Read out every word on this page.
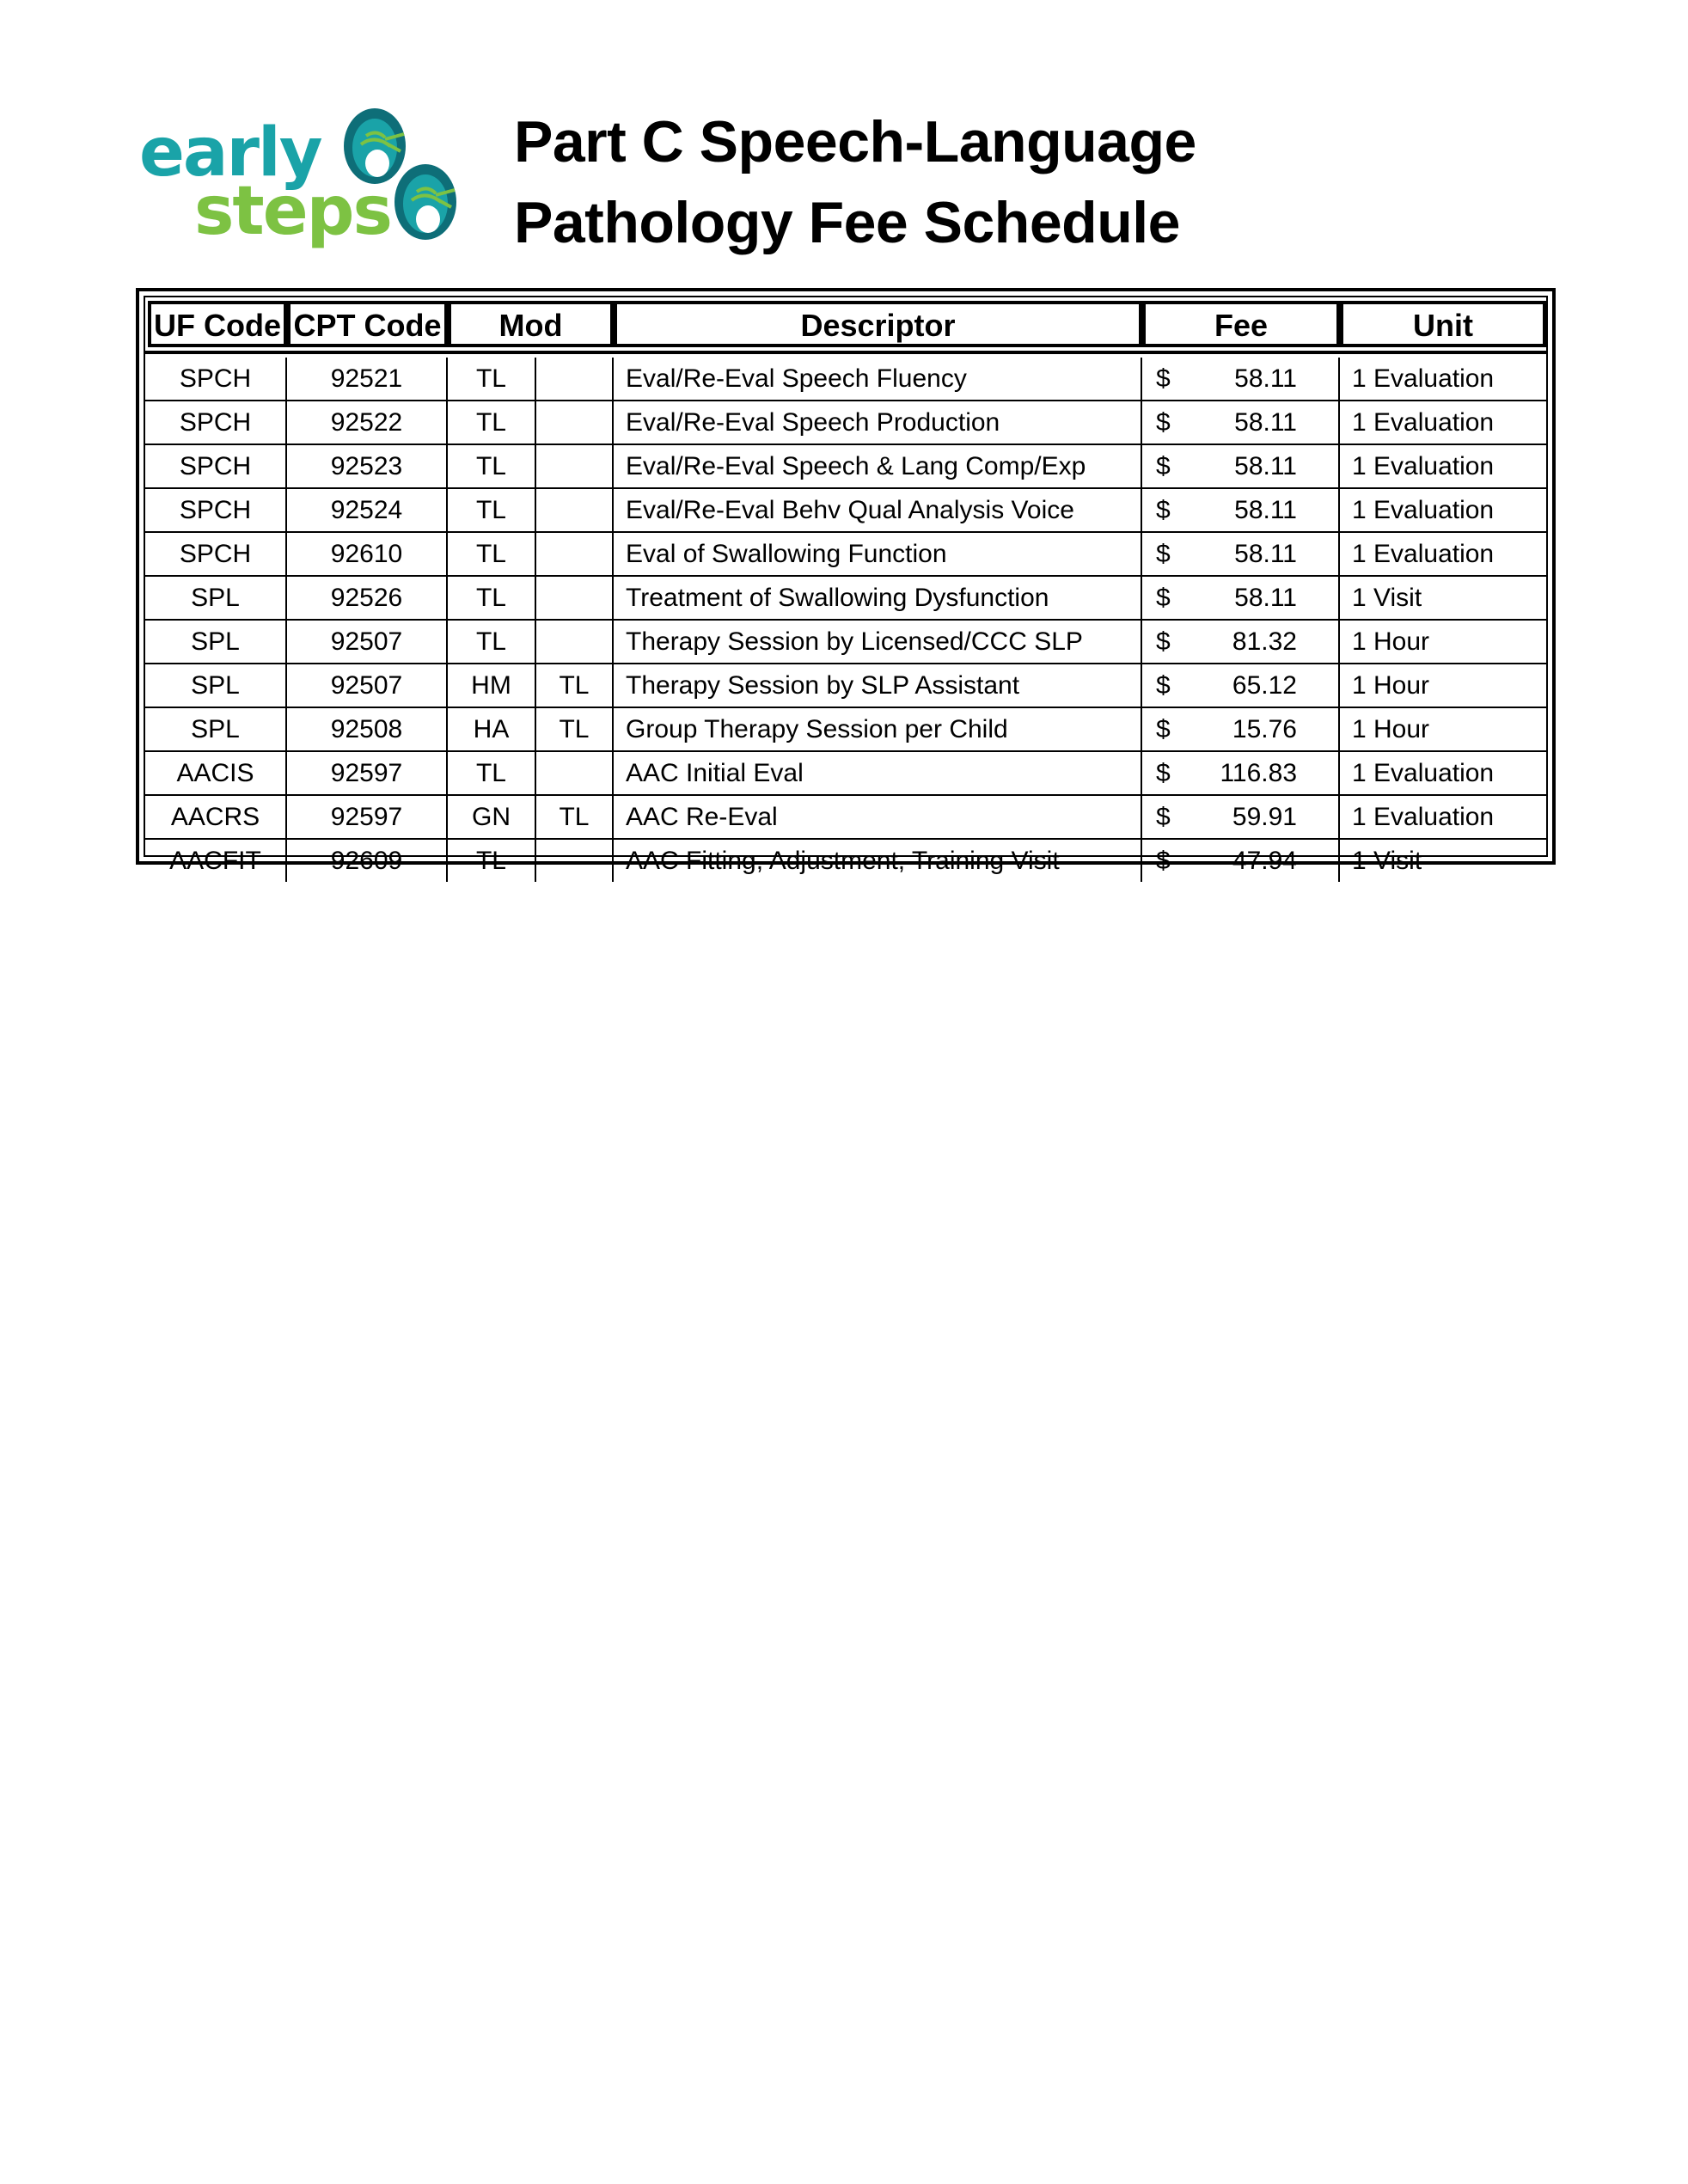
early
steps
Part C Speech-Language
Pathology Fee Schedule
UF Code	CPT Code	Mod		Descriptor	Fee	Unit

SPCH	92521	TL		Eval/Re-Eval Speech Fluency	$ 58.11	1 Evaluation
SPCH	92522	TL		Eval/Re-Eval Speech Production	$ 58.11	1 Evaluation
SPCH	92523	TL		Eval/Re-Eval Speech & Lang Comp/Exp	$ 58.11	1 Evaluation
SPCH	92524	TL		Eval/Re-Eval Behv Qual Analysis Voice	$ 58.11	1 Evaluation
SPCH	92610	TL		Eval of Swallowing Function	$ 58.11	1 Evaluation
SPL	92526	TL		Treatment of Swallowing Dysfunction	$ 58.11	1 Visit
SPL	92507	TL		Therapy Session by Licensed/CCC SLP	$ 81.32	1 Hour
SPL	92507	HM	TL	Therapy Session by SLP Assistant	$ 65.12	1 Hour
SPL	92508	HA	TL	Group Therapy Session per Child	$ 15.76	1 Hour
AACIS	92597	TL		AAC Initial Eval	$ 116.83	1 Evaluation
AACRS	92597	GN	TL	AAC Re-Eval	$ 59.91	1 Evaluation
AACFIT	92609	TL		AAC Fitting, Adjustment, Training Visit	$ 47.94	1 Visit
